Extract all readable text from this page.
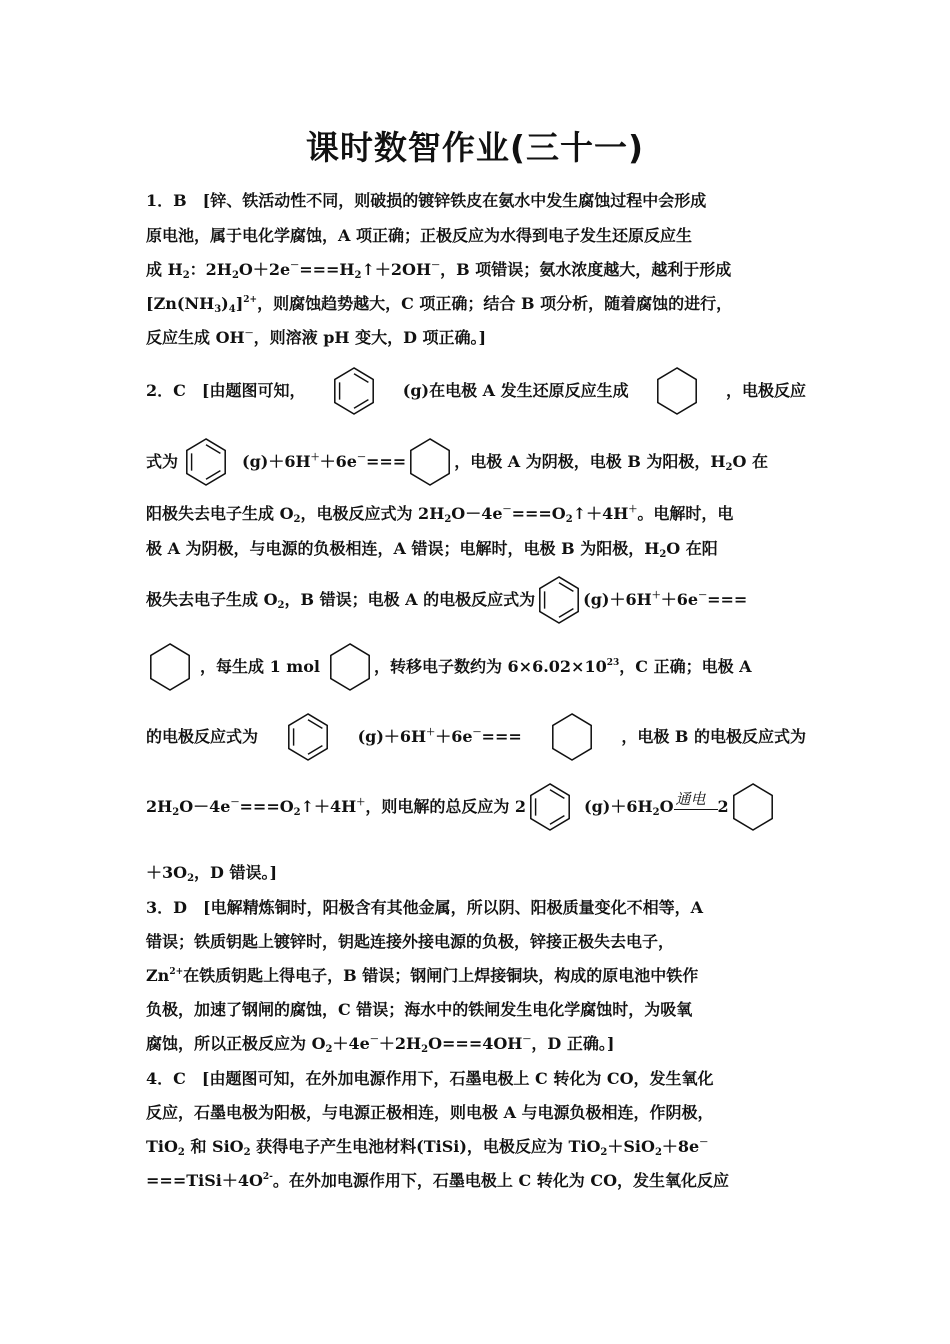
课时数智作业(三十一)
1．B　[锌、铁活动性不同，则破损的镀锌铁皮在氨水中发生腐蚀过程中会形成
原电池，属于电化学腐蚀，A 项正确；正极反应为水得到电子发生还原反应生
成 $H_2$：$2H_2O+2e^-===H_2↑+2OH^-$，B 项错误；氨水浓度越大，越利于形成
$[Zn(NH_3)_4]^{2+}$，则腐蚀趋势越大，C 项正确；结合 B 项分析，随着腐蚀的进行，
反应生成 OH－，则溶液 pH 变大，D 项正确。]
2．C　[由题图可知，	(g)在电极 A 发生还原反应生成	，电极反应
式为	(g)＋6H＋＋6e－===	，电极 A 为阴极，电极 B 为阳极，$H_2O$ 在
阳极失去电子生成 $O_2$，电极反应式为 $2H_2O-4e^-===O_2↑+4H^+$。电解时，电
极 A 为阴极，与电源的负极相连，A 错误；电解时，电极 B 为阳极，$H_2O$ 在阳
极失去电子生成 $O_2$，B 错误；电极 A 的电极反应式为	(g)＋6H＋＋6e－===
，每生成 1 mol	，转移电子数约为 $6\times 6.02\times 10^{23}$，C 正确；电极 A
的电极反应式为	(g)＋6H＋＋6e－===	，电极 B 的电极反应式为
$2H_2O-4e^-===O_2↑+4H^+$，则电解的总反应为 2	$(g)+6H_2O$ 通电 2
$+3O_2$，D 错误。]
3．D　[电解精炼铜时，阳极含有其他金属，所以阴、阳极质量变化不相等，A
错误；铁质钥匙上镀锌时，钥匙连接外接电源的负极，锌接正极失去电子，
$Zn^{2+}$在铁质钥匙上得电子，B 错误；钢闸门上焊接铜块，构成的原电池中铁作
负极，加速了钢闸的腐蚀，C 错误；海水中的铁闸发生电化学腐蚀时，为吸氧
腐蚀，所以正极反应为 $O_2+4e^-+2H_2O===4OH^-$，D 正确。]
4．C　[由题图可知，在外加电源作用下，石墨电极上 C 转化为 CO，发生氧化
反应，石墨电极为阳极，与电源正极相连，则电极 A 与电源负极相连，作阴极，
TiO$_2$ 和 SiO$_2$ 获得电子产生电池材料(TiSi)，电极反应为 TiO$_2$＋SiO$_2$＋8e－
$===TiSi+4O^{2-}$。在外加电源作用下，石墨电极上 C 转化为 CO，发生氧化反应
